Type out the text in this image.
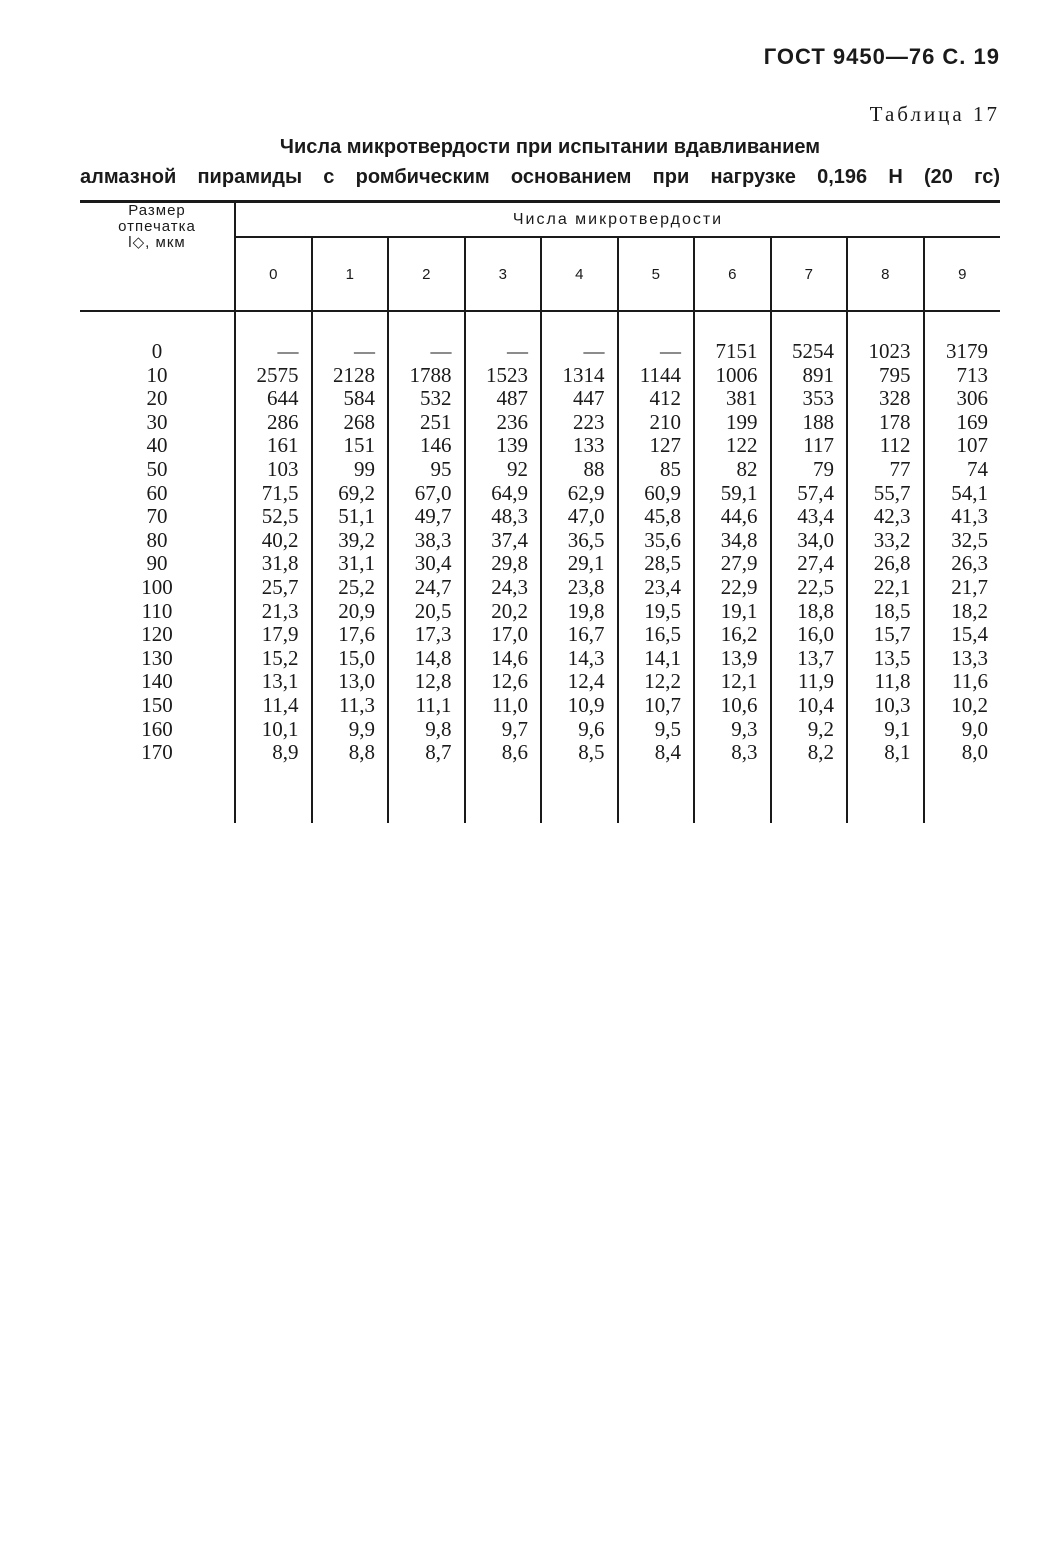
ГОСТ 9450—76 С. 19
Таблица 17
Числа микротвердости при испытании вдавливанием
алмазной пирамиды с ромбическим основанием при нагрузке 0,196 Н (20 гс)
Размер
отпечатка
l◇, мкм	Числа микротвердости									
	0	1	2	3	4	5	6	7	8	9

0	—	—	—	—	—	—	7151	5254	1023	3179
10	2575	2128	1788	1523	1314	1144	1006	891	795	713
20	644	584	532	487	447	412	381	353	328	306
30	286	268	251	236	223	210	199	188	178	169
40	161	151	146	139	133	127	122	117	112	107
50	103	99	95	92	88	85	82	79	77	74
60	71,5	69,2	67,0	64,9	62,9	60,9	59,1	57,4	55,7	54,1
70	52,5	51,1	49,7	48,3	47,0	45,8	44,6	43,4	42,3	41,3
80	40,2	39,2	38,3	37,4	36,5	35,6	34,8	34,0	33,2	32,5
90	31,8	31,1	30,4	29,8	29,1	28,5	27,9	27,4	26,8	26,3
100	25,7	25,2	24,7	24,3	23,8	23,4	22,9	22,5	22,1	21,7
110	21,3	20,9	20,5	20,2	19,8	19,5	19,1	18,8	18,5	18,2
120	17,9	17,6	17,3	17,0	16,7	16,5	16,2	16,0	15,7	15,4
130	15,2	15,0	14,8	14,6	14,3	14,1	13,9	13,7	13,5	13,3
140	13,1	13,0	12,8	12,6	12,4	12,2	12,1	11,9	11,8	11,6
150	11,4	11,3	11,1	11,0	10,9	10,7	10,6	10,4	10,3	10,2
160	10,1	9,9	9,8	9,7	9,6	9,5	9,3	9,2	9,1	9,0
170	8,9	8,8	8,7	8,6	8,5	8,4	8,3	8,2	8,1	8,0
